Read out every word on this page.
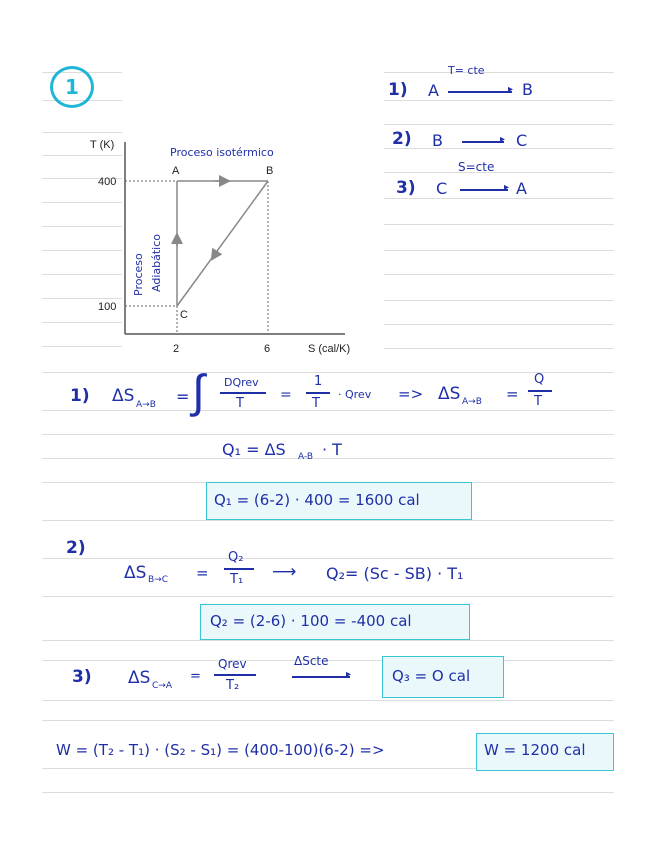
1	1) A
T= cte
▸ B
2) B	▸ C
3) C
S=cte
▸ A
T (K)
S (cal/K)
400
100
2	6
A	B
C
Proceso isotérmico
Proceso Adiabático
1) ΔS A→B = ∫ DQrev
T
=
1
T
· Qrev => ΔS A→B =
Q
T
Q₁ = ΔS A-B · T
Q₁ = (6-2) · 400 = 1600 cal
2)
ΔS B→C =
Q₂
T₁ ⟶ Q₂= (Sc - SB) · T₁
Q₂ = (2-6) · 100 = -400 cal
3) ΔS C→A
=
Qrev
T₂
ΔScte
▸	Q₃ = O cal
W = (T₂ - T₁) · (S₂ - S₁) = (400-100)(6-2) =>	W = 1200 cal
